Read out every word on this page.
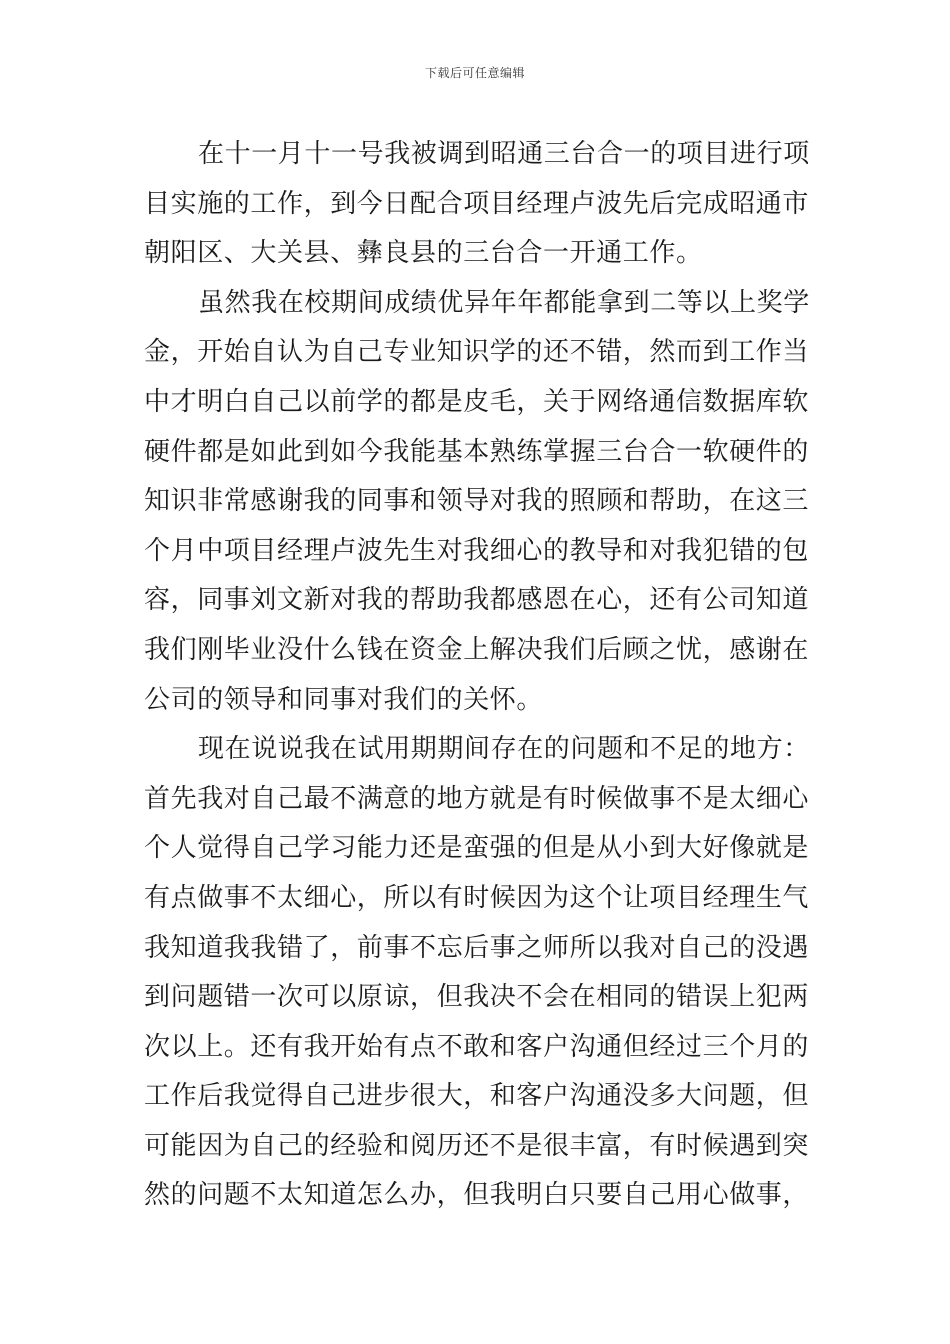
下载后可任意编辑
在十一月十一号我被调到昭通三台合一的项目进行项
目实施的工作，到今日配合项目经理卢波先后完成昭通市
朝阳区、大关县、彝良县的三台合一开通工作。
虽然我在校期间成绩优异年年都能拿到二等以上奖学
金，开始自认为自己专业知识学的还不错，然而到工作当
中才明白自己以前学的都是皮毛，关于网络通信数据库软
硬件都是如此到如今我能基本熟练掌握三台合一软硬件的
知识非常感谢我的同事和领导对我的照顾和帮助，在这三
个月中项目经理卢波先生对我细心的教导和对我犯错的包
容，同事刘文新对我的帮助我都感恩在心，还有公司知道
我们刚毕业没什么钱在资金上解决我们后顾之忧，感谢在
公司的领导和同事对我们的关怀。
现在说说我在试用期期间存在的问题和不足的地方：
首先我对自己最不满意的地方就是有时候做事不是太细心
个人觉得自己学习能力还是蛮强的但是从小到大好像就是
有点做事不太细心，所以有时候因为这个让项目经理生气
我知道我我错了，前事不忘后事之师所以我对自己的没遇
到问题错一次可以原谅，但我决不会在相同的错误上犯两
次以上。还有我开始有点不敢和客户沟通但经过三个月的
工作后我觉得自己进步很大，和客户沟通没多大问题，但
可能因为自己的经验和阅历还不是很丰富，有时候遇到突
然的问题不太知道怎么办，但我明白只要自己用心做事，
